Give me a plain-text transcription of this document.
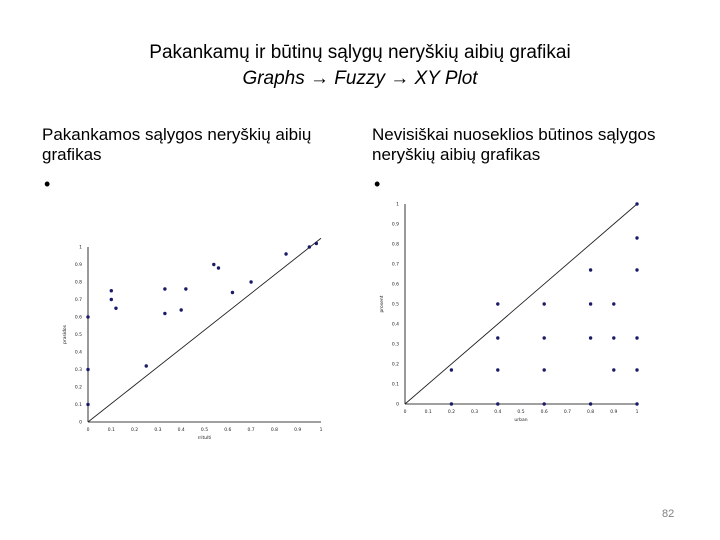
Pakankamų ir būtinų sąlygų neryškių aibių grafikai
Graphs → Fuzzy → XY Plot
Pakankamos sąlygos neryškių aibių grafikas
•
Nevisiškai nuoseklios būtinos sąlygos neryškių aibių grafikas
•
0	0.1	0.2	0.3	0.4	0.5	0.6	0.7	0.8	0.9	1
0
0.1
0.2
0.3
0.4
0.5
0.6
0.7
0.8
0.9
1
rritulti
prasidos
0	0.1	0.2	0.3	0.4	0.5	0.6	0.7	0.8	0.9	1
0
0.1
0.2
0.3
0.4
0.5
0.6
0.7
0.8
0.9
1
urban
prosent
82
